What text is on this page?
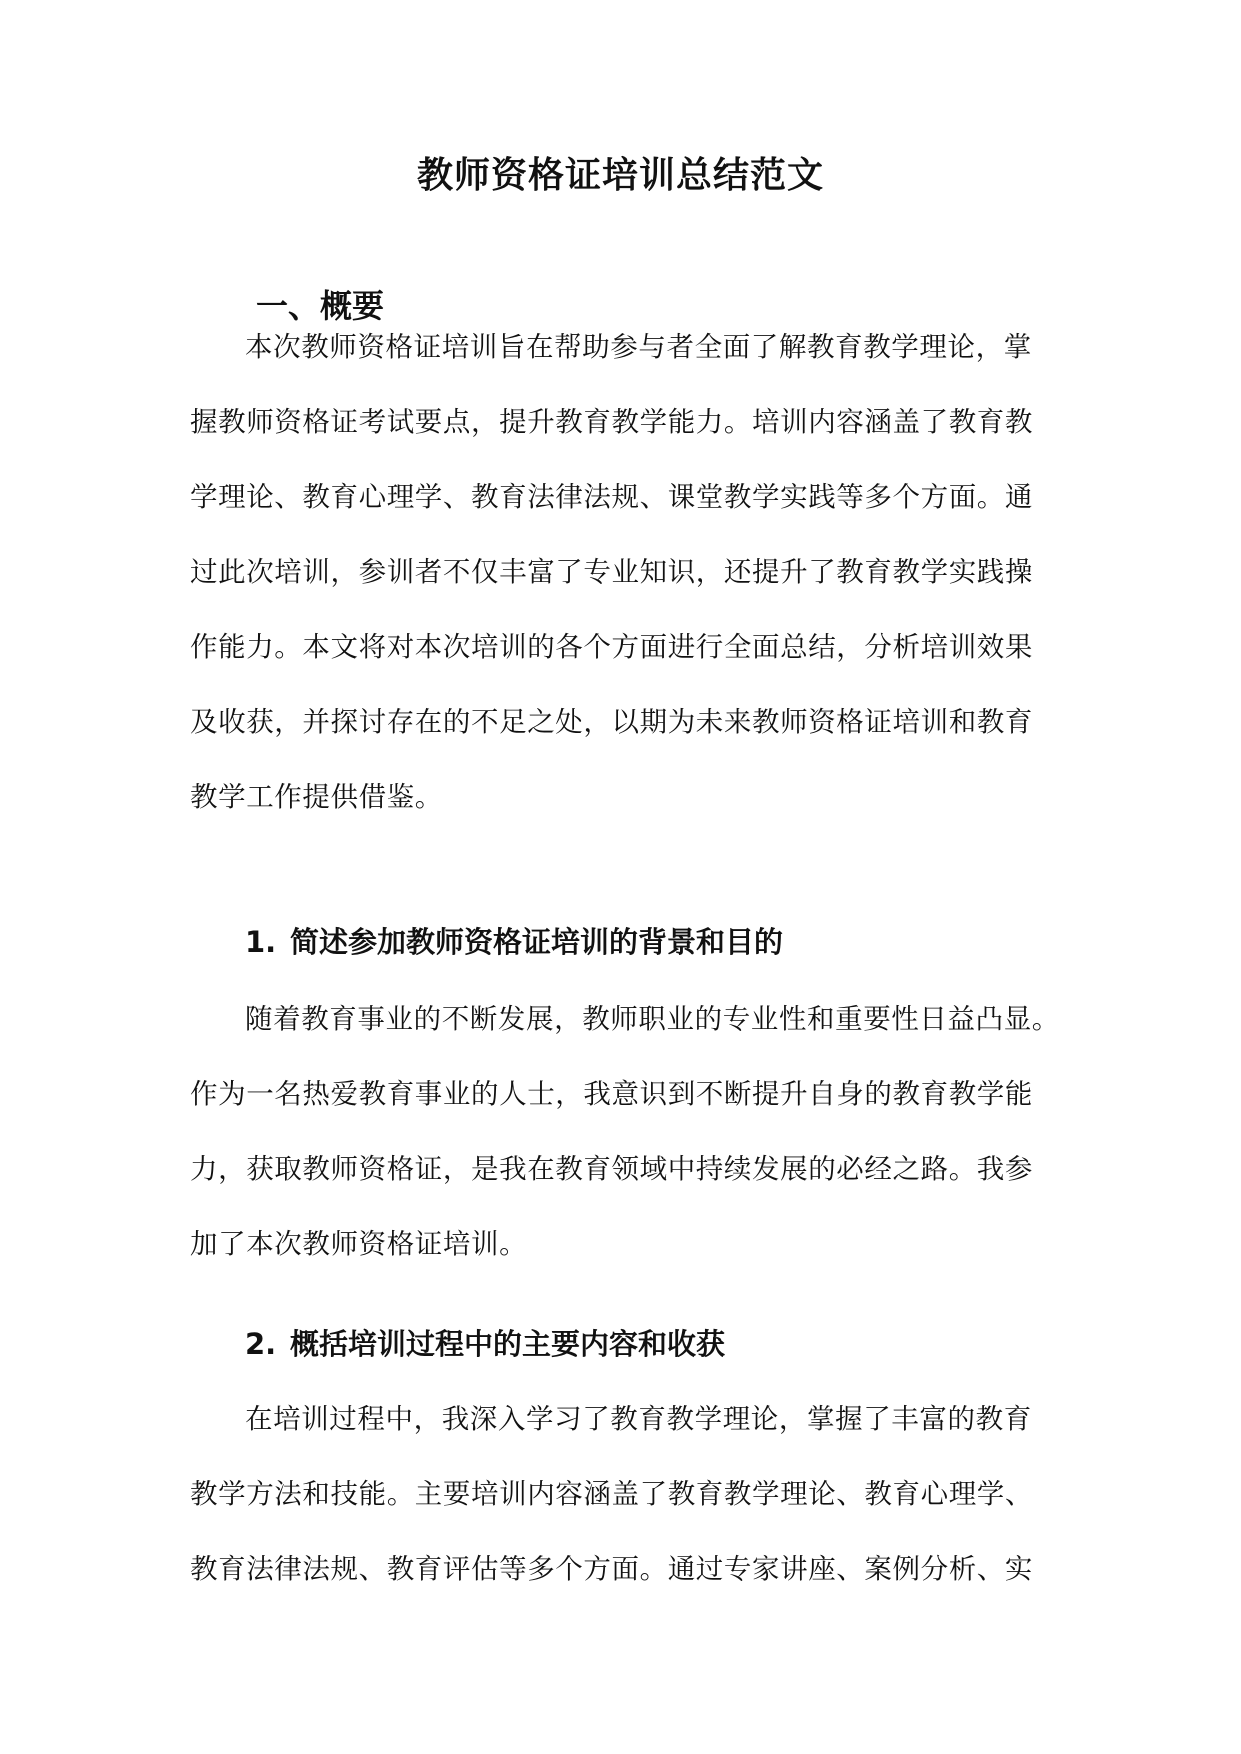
教师资格证培训总结范文
一、概要
本次教师资格证培训旨在帮助参与者全面了解教育教学理论，掌
握教师资格证考试要点，提升教育教学能力。培训内容涵盖了教育教
学理论、教育心理学、教育法律法规、课堂教学实践等多个方面。通
过此次培训，参训者不仅丰富了专业知识，还提升了教育教学实践操
作能力。本文将对本次培训的各个方面进行全面总结，分析培训效果
及收获，并探讨存在的不足之处，以期为未来教师资格证培训和教育
教学工作提供借鉴。
1. 简述参加教师资格证培训的背景和目的
随着教育事业的不断发展，教师职业的专业性和重要性日益凸显。
作为一名热爱教育事业的人士，我意识到不断提升自身的教育教学能
力，获取教师资格证，是我在教育领域中持续发展的必经之路。我参
加了本次教师资格证培训。
2. 概括培训过程中的主要内容和收获
在培训过程中，我深入学习了教育教学理论，掌握了丰富的教育
教学方法和技能。主要培训内容涵盖了教育教学理论、教育心理学、
教育法律法规、教育评估等多个方面。通过专家讲座、案例分析、实
